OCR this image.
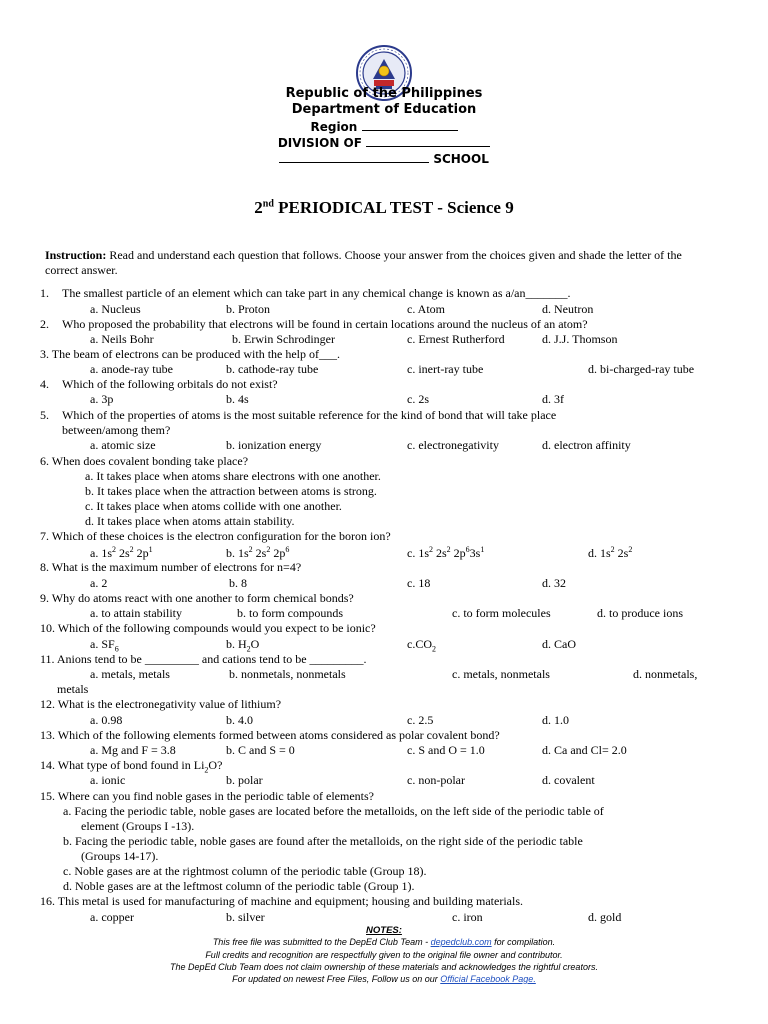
Republic of the Philippines
Department of Education
Region
DIVISION OF
SCHOOL
2nd PERIODICAL TEST - Science 9
Instruction: Read and understand each question that follows. Choose your answer from the choices given and shade the letter of the correct answer.
1. The smallest particle of an element which can take part in any chemical change is known as a/an_______.
a. Nucleus	b. Proton	c. Atom	d. Neutron
2. Who proposed the probability that electrons will be found in certain locations around the nucleus of an atom?
a. Neils Bohr	b. Erwin Schrodinger	c. Ernest Rutherford	d. J.J. Thomson
3. The beam of electrons can be produced with the help of___.
a. anode-ray tube	b. cathode-ray tube	c. inert-ray tube	d. bi-charged-ray tube
4. Which of the following orbitals do not exist?
a. 3p	b. 4s	c. 2s	d. 3f
5. Which of the properties of atoms is the most suitable reference for the kind of bond that will take place
between/among them?
a. atomic size	b. ionization energy	c. electronegativity	d. electron affinity
6. When does covalent bonding take place?
a. It takes place when atoms share electrons with one another.
b. It takes place when the attraction between atoms is strong.
c. It takes place when atoms collide with one another.
d. It takes place when atoms attain stability.
7. Which of these choices is the electron configuration for the boron ion?
a. $1s^2$ $2s^2$ $2p^1$	b. $1s^2$ $2s^2$ $2p^6$	c. $1s^2$ $2s^2$ $2p^63s^1$	d. $1s^2$ $2s^2$
8. What is the maximum number of electrons for n=4?
a. 2	b. 8	c. 18	d. 32
9. Why do atoms react with one another to form chemical bonds?
a. to attain stability	b. to form compounds	c. to form molecules	d. to produce ions
10. Which of the following compounds would you expect to be ionic?
a. $SF_6$	b. $H_2O$	$c.CO_2$	d. CaO
11. Anions tend to be _________ and cations tend to be _________.
a. metals, metals	b. nonmetals, nonmetals	c. metals, nonmetals	d. nonmetals,
metals
12. What is the electronegativity value of lithium?
a. 0.98	b. 4.0	c. 2.5	d. 1.0
13. Which of the following elements formed between atoms considered as polar covalent bond?
a. Mg and F = 3.8	b. C and S = 0	c. S and O = 1.0	d. Ca and Cl= 2.0
14. What type of bond found in $Li_2O$?
a. ionic	b. polar	c. non-polar	d. covalent
15. Where can you find noble gases in the periodic table of elements?
a. Facing the periodic table, noble gases are located before the metalloids, on the left side of the periodic table of
element (Groups I -13).
b. Facing the periodic table, noble gases are found after the metalloids, on the right side of the periodic table
(Groups 14-17).
c. Noble gases are at the rightmost column of the periodic table (Group 18).
d. Noble gases are at the leftmost column of the periodic table (Group 1).
16. This metal is used for manufacturing of machine and equipment; housing and building materials.
a. copper	b. silver	c. iron	d. gold
NOTES:
This free file was submitted to the DepEd Club Team - depedclub.com for compilation.
Full credits and recognition are respectfully given to the original file owner and contributor.
The DepEd Club Team does not claim ownership of these materials and acknowledges the rightful creators.
For updated on newest Free Files, Follow us on our Official Facebook Page.
